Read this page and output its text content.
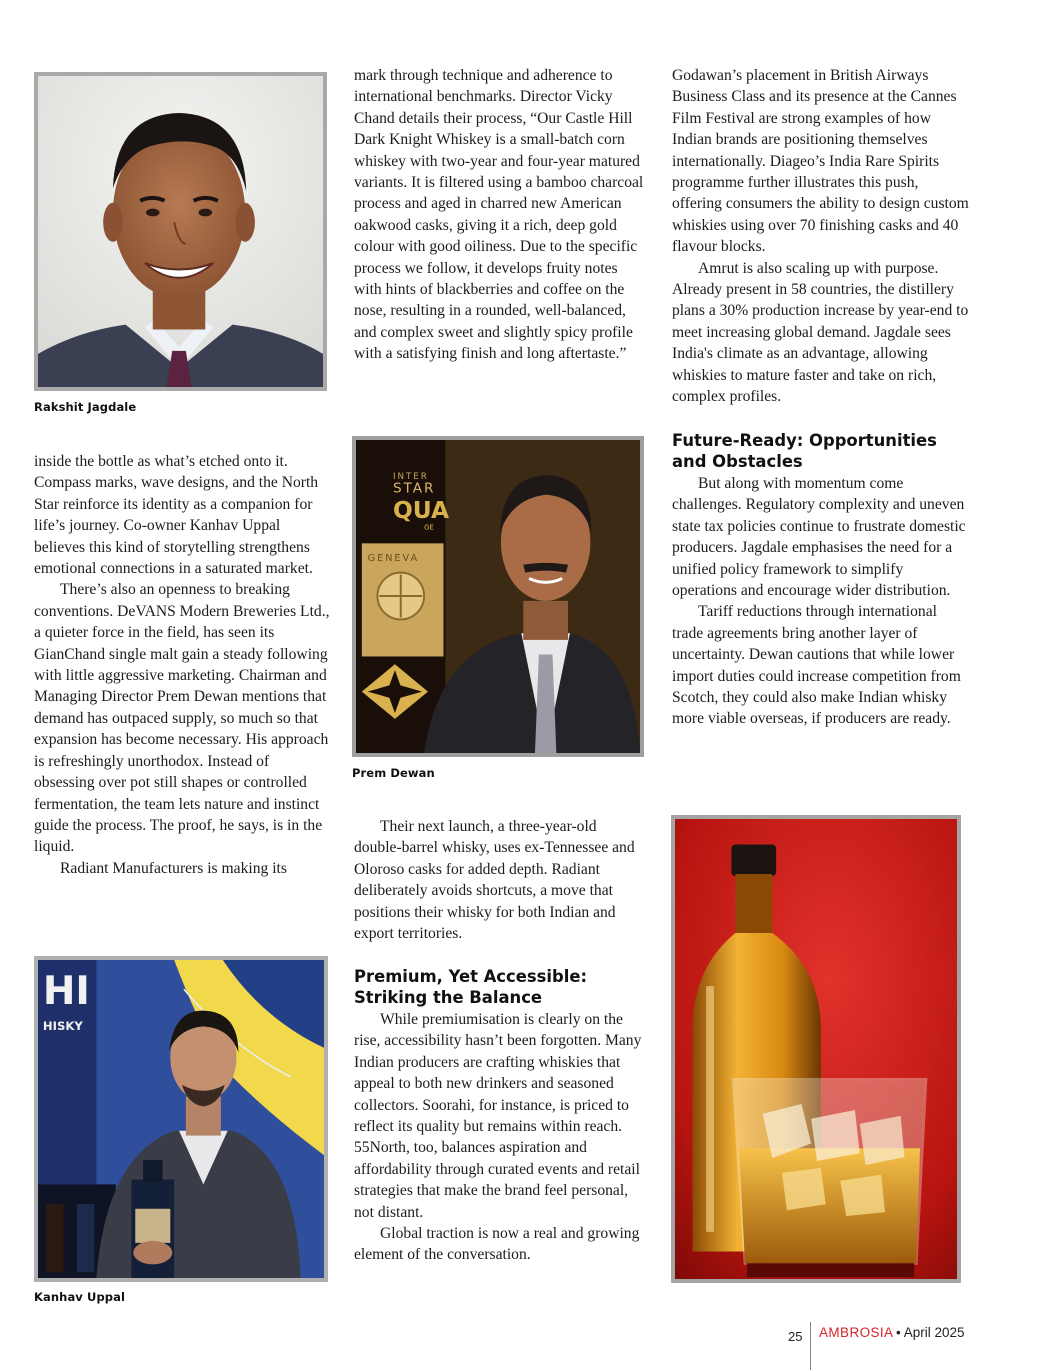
Rakshit Jagdale

inside the bottle as what’s etched onto it. Compass marks, wave designs, and the North Star reinforce its identity as a companion for life’s journey. Co-owner Kanhav Uppal believes this kind of storytelling strengthens emotional connections in a saturated market.

There’s also an openness to breaking conventions. DeVANS Modern Breweries Ltd., a quieter force in the field, has seen its GianChand single malt gain a steady following with little aggressive marketing. Chairman and Managing Director Prem Dewan mentions that demand has outpaced supply, so much so that expansion has become necessary. His approach is refreshingly unorthodox. Instead of obsessing over pot still shapes or controlled fermentation, the team lets nature and instinct guide the process. The proof, he says, is in the liquid.

Radiant Manufacturers is making its

HI
HISKY
Kanhav Uppal

mark through technique and adherence to international benchmarks. Director Vicky Chand details their process, “Our Castle Hill Dark Knight Whiskey is a small-batch corn whiskey with two-year and four-year matured variants. It is filtered using a bamboo charcoal process and aged in charred new American oakwood casks, giving it a rich, deep gold colour with good oiliness. Due to the specific process we follow, it develops fruity notes with hints of blackberries and coffee on the nose, resulting in a rounded, well-balanced, and complex sweet and slightly spicy profile with a satisfying finish and long aftertaste.”

INTER
STAR
QUA
GE
GENEVA
Prem Dewan

Their next launch, a three-year-old double-barrel whisky, uses ex-Tennessee and Oloroso casks for added depth. Radiant deliberately avoids shortcuts, a move that positions their whisky for both Indian and export territories.

Premium, Yet Accessible:
Striking the Balance

While premiumisation is clearly on the rise, accessibility hasn’t been forgotten. Many Indian producers are crafting whiskies that appeal to both new drinkers and seasoned collectors. Soorahi, for instance, is priced to reflect its quality but remains within reach. 55North, too, balances aspiration and affordability through curated events and retail strategies that make the brand feel personal, not distant.

Global traction is now a real and growing element of the conversation.

Godawan’s placement in British Airways Business Class and its presence at the Cannes Film Festival are strong examples of how Indian brands are positioning themselves internationally. Diageo’s India Rare Spirits programme further illustrates this push, offering consumers the ability to design custom whiskies using over 70 finishing casks and 40 flavour blocks.

Amrut is also scaling up with purpose. Already present in 58 countries, the distillery plans a 30% production increase by year-end to meet increasing global demand. Jagdale sees India's climate as an advantage, allowing whiskies to mature faster and take on rich, complex profiles.

Future-Ready: Opportunities
and Obstacles

But along with momentum come challenges. Regulatory complexity and uneven state tax policies continue to frustrate domestic producers. Jagdale emphasises the need for a unified policy framework to simplify operations and encourage wider distribution.

Tariff reductions through international trade agreements bring another layer of uncertainty. Dewan cautions that while lower import duties could increase competition from Scotch, they could also make Indian whisky more viable overseas, if producers are ready.

25 AMBROSIA • April 2025
